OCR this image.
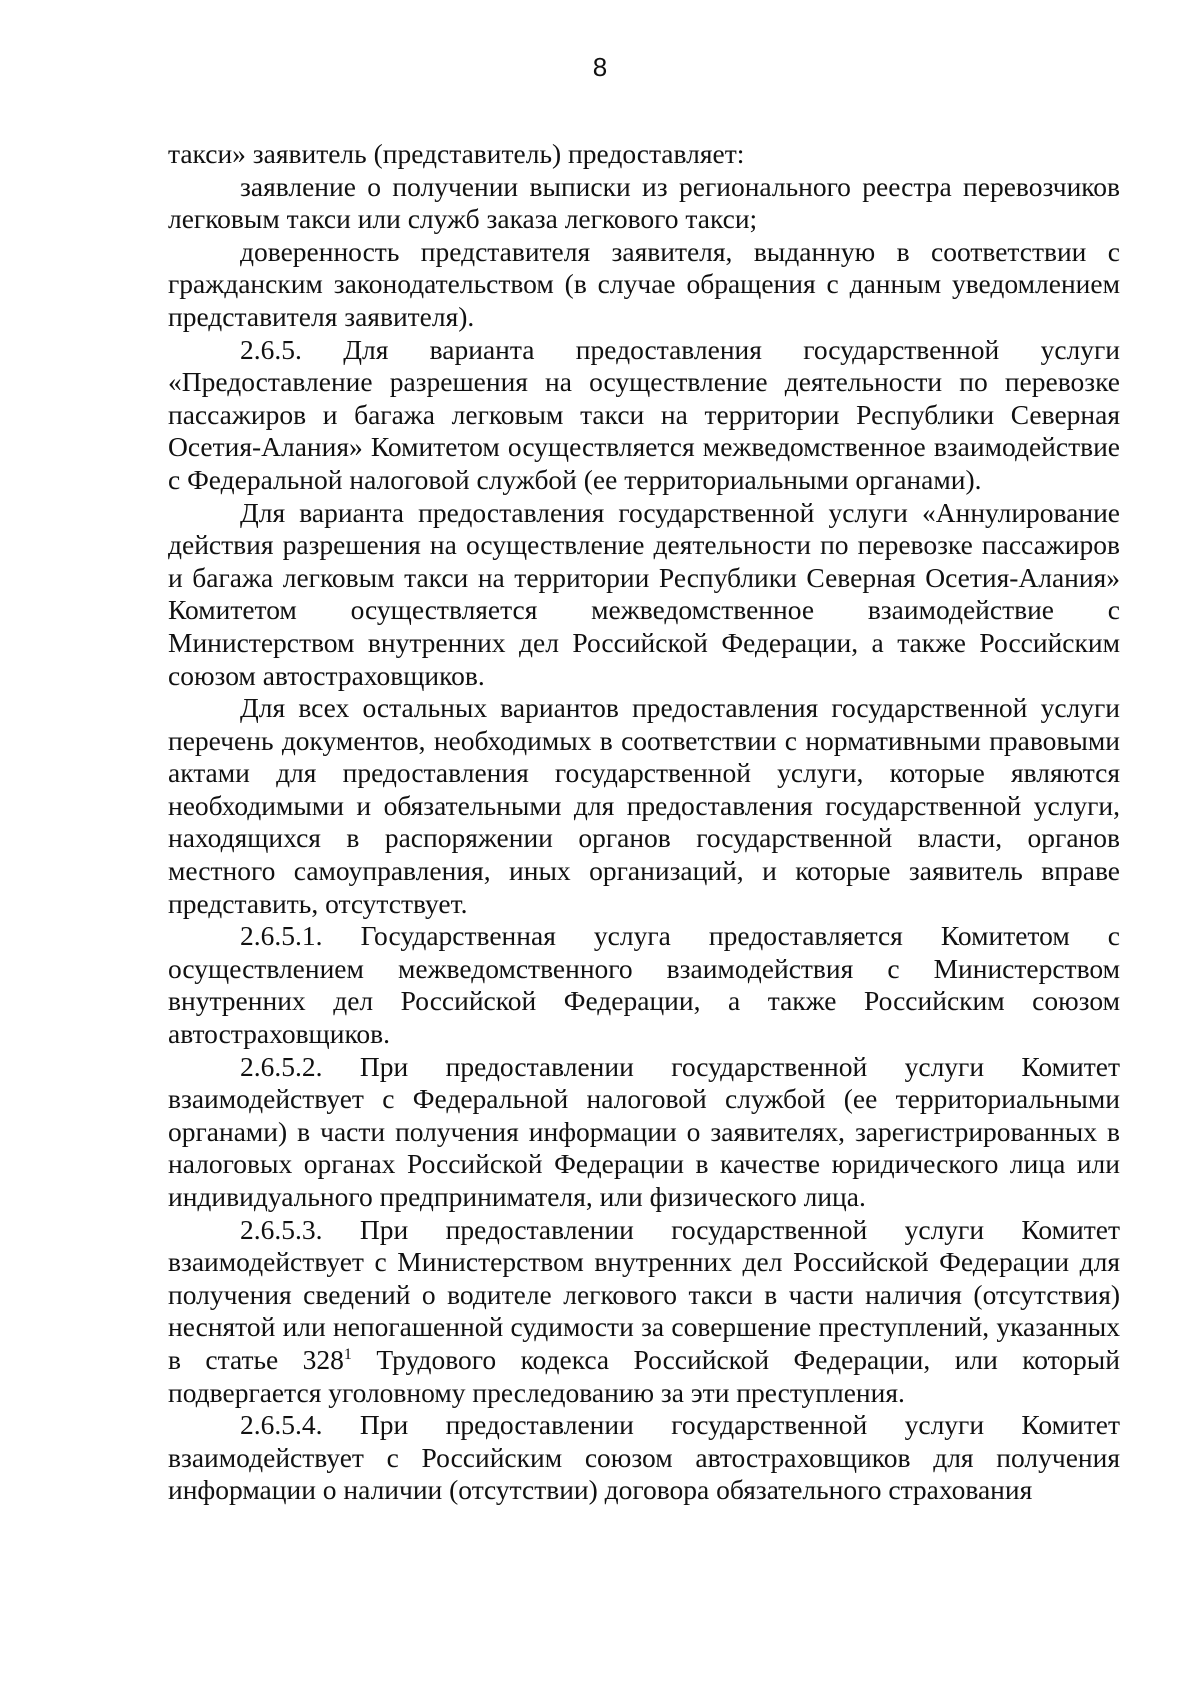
8

такси» заявитель (представитель) предоставляет:

заявление о получении выписки из регионального реестра перевозчиков легковым такси или служб заказа легкового такси;

доверенность представителя заявителя, выданную в соответствии с гражданским законодательством (в случае обращения с данным уведомлением представителя заявителя).

2.6.5. Для варианта предоставления государственной услуги «Предоставление разрешения на осуществление деятельности по перевозке пассажиров и багажа легковым такси на территории Республики Северная Осетия-Алания» Комитетом осуществляется межведомственное взаимодействие с Федеральной налоговой службой (ее территориальными органами).

Для варианта предоставления государственной услуги «Аннулирование действия разрешения на осуществление деятельности по перевозке пассажиров и багажа легковым такси на территории Республики Северная Осетия-Алания» Комитетом осуществляется межведомственное взаимодействие с Министерством внутренних дел Российской Федерации, а также Российским союзом автостраховщиков.

Для всех остальных вариантов предоставления государственной услуги перечень документов, необходимых в соответствии с нормативными правовыми актами для предоставления государственной услуги, которые являются необходимыми и обязательными для предоставления государственной услуги, находящихся в распоряжении органов государственной власти, органов местного самоуправления, иных организаций, и которые заявитель вправе представить, отсутствует.

2.6.5.1. Государственная услуга предоставляется Комитетом с осуществлением межведомственного взаимодействия с Министерством внутренних дел Российской Федерации, а также Российским союзом автостраховщиков.

2.6.5.2. При предоставлении государственной услуги Комитет взаимодействует с Федеральной налоговой службой (ее территориальными органами) в части получения информации о заявителях, зарегистрированных в налоговых органах Российской Федерации в качестве юридического лица или индивидуального предпринимателя, или физического лица.

2.6.5.3. При предоставлении государственной услуги Комитет взаимодействует с Министерством внутренних дел Российской Федерации для получения сведений о водителе легкового такси в части наличия (отсутствия) неснятой или непогашенной судимости за совершение преступлений, указанных в статье $328^1$ Трудового кодекса Российской Федерации, или который подвергается уголовному преследованию за эти преступления.

2.6.5.4. При предоставлении государственной услуги Комитет взаимодействует с Российским союзом автостраховщиков для получения информации о наличии (отсутствии) договора обязательного страхования
